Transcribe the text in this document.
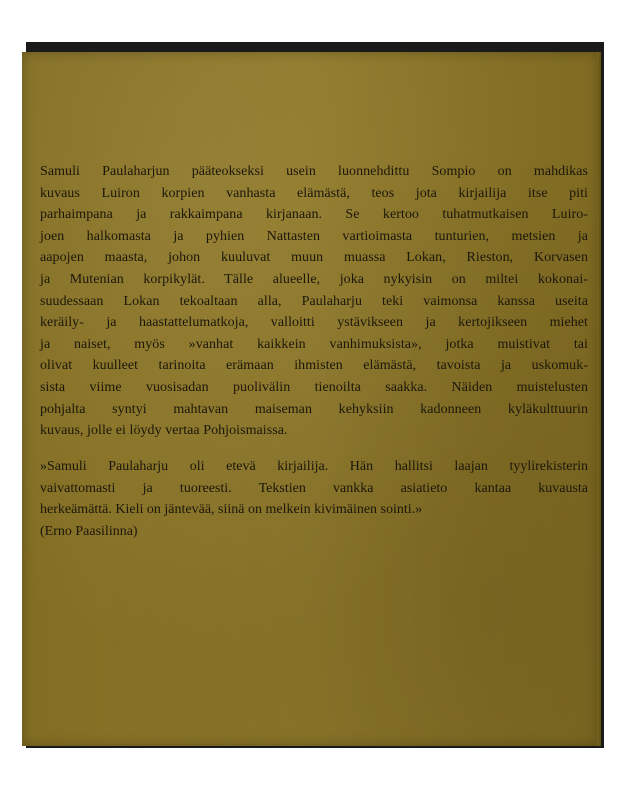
Samuli Paulaharjun pääteokseksi usein luonnehdittu Sompio on mahdikas
kuvaus Luiron korpien vanhasta elämästä, teos jota kirjailija itse piti
parhaimpana ja rakkaimpana kirjanaan. Se kertoo tuhatmutkaisen Luiro-
joen halkomasta ja pyhien Nattasten vartioimasta tunturien, metsien ja
aapojen maasta, johon kuuluvat muun muassa Lokan, Rieston, Korvasen
ja Mutenian korpikylät. Tälle alueelle, joka nykyisin on miltei kokonai-
suudessaan Lokan tekoaltaan alla, Paulaharju teki vaimonsa kanssa useita
keräily- ja haastattelumatkoja, valloitti ystävikseen ja kertojikseen miehet
ja naiset, myös »vanhat kaikkein vanhimuksista», jotka muistivat tai
olivat kuulleet tarinoita erämaan ihmisten elämästä, tavoista ja uskomuk-
sista viime vuosisadan puolivälin tienoilta saakka. Näiden muistelusten
pohjalta syntyi mahtavan maiseman kehyksiin kadonneen kyläkulttuurin
kuvaus, jolle ei löydy vertaa Pohjoismaissa.
»Samuli Paulaharju oli etevä kirjailija. Hän hallitsi laajan tyylirekisterin
vaivattomasti ja tuoreesti. Tekstien vankka asiatieto kantaa kuvausta
herkeämättä. Kieli on jäntevää, siinä on melkein kivimäinen sointi.»
(Erno Paasilinna)
